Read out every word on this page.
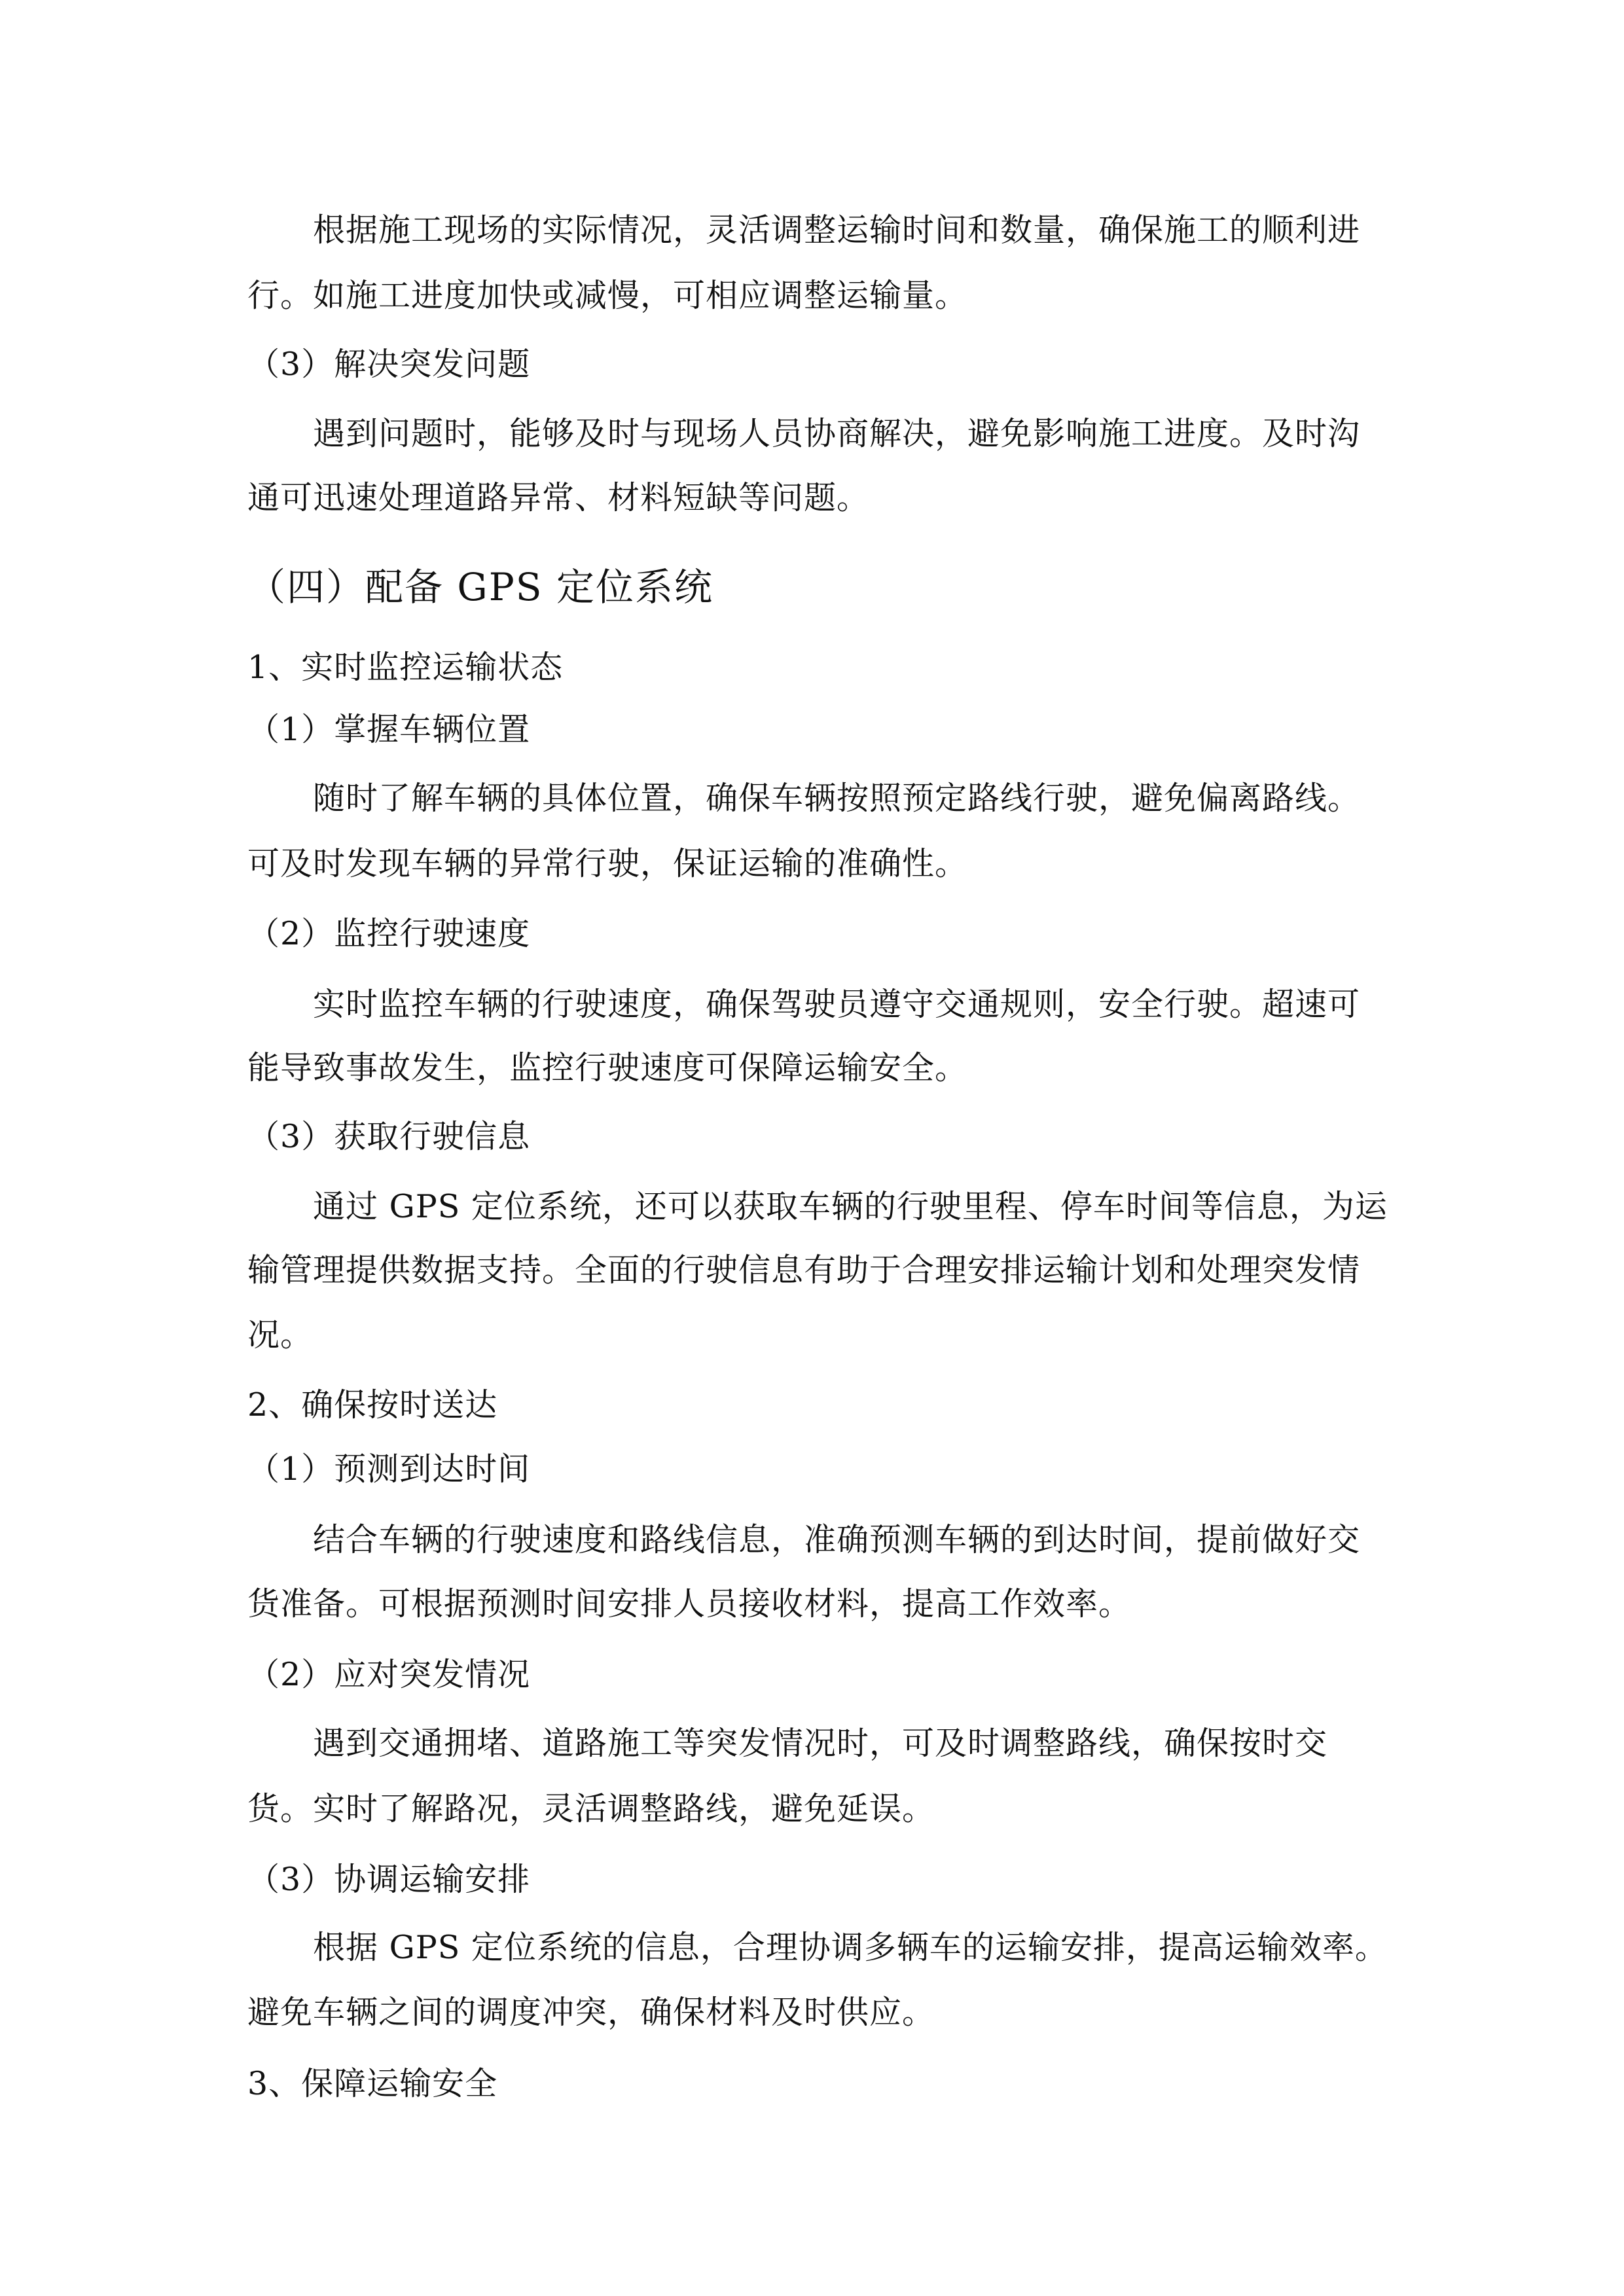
根据施工现场的实际情况，灵活调整运输时间和数量，确保施工的顺利进
行。如施工进度加快或减慢，可相应调整运输量。
（3）解决突发问题
遇到问题时，能够及时与现场人员协商解决，避免影响施工进度。及时沟
通可迅速处理道路异常、材料短缺等问题。
（四）配备 GPS 定位系统
1、实时监控运输状态
（1）掌握车辆位置
随时了解车辆的具体位置，确保车辆按照预定路线行驶，避免偏离路线。
可及时发现车辆的异常行驶，保证运输的准确性。
（2）监控行驶速度
实时监控车辆的行驶速度，确保驾驶员遵守交通规则，安全行驶。超速可
能导致事故发生，监控行驶速度可保障运输安全。
（3）获取行驶信息
通过 GPS 定位系统，还可以获取车辆的行驶里程、停车时间等信息，为运
输管理提供数据支持。全面的行驶信息有助于合理安排运输计划和处理突发情
况。
2、确保按时送达
（1）预测到达时间
结合车辆的行驶速度和路线信息，准确预测车辆的到达时间，提前做好交
货准备。可根据预测时间安排人员接收材料，提高工作效率。
（2）应对突发情况
遇到交通拥堵、道路施工等突发情况时，可及时调整路线，确保按时交
货。实时了解路况，灵活调整路线，避免延误。
（3）协调运输安排
根据 GPS 定位系统的信息，合理协调多辆车的运输安排，提高运输效率。
避免车辆之间的调度冲突，确保材料及时供应。
3、保障运输安全
